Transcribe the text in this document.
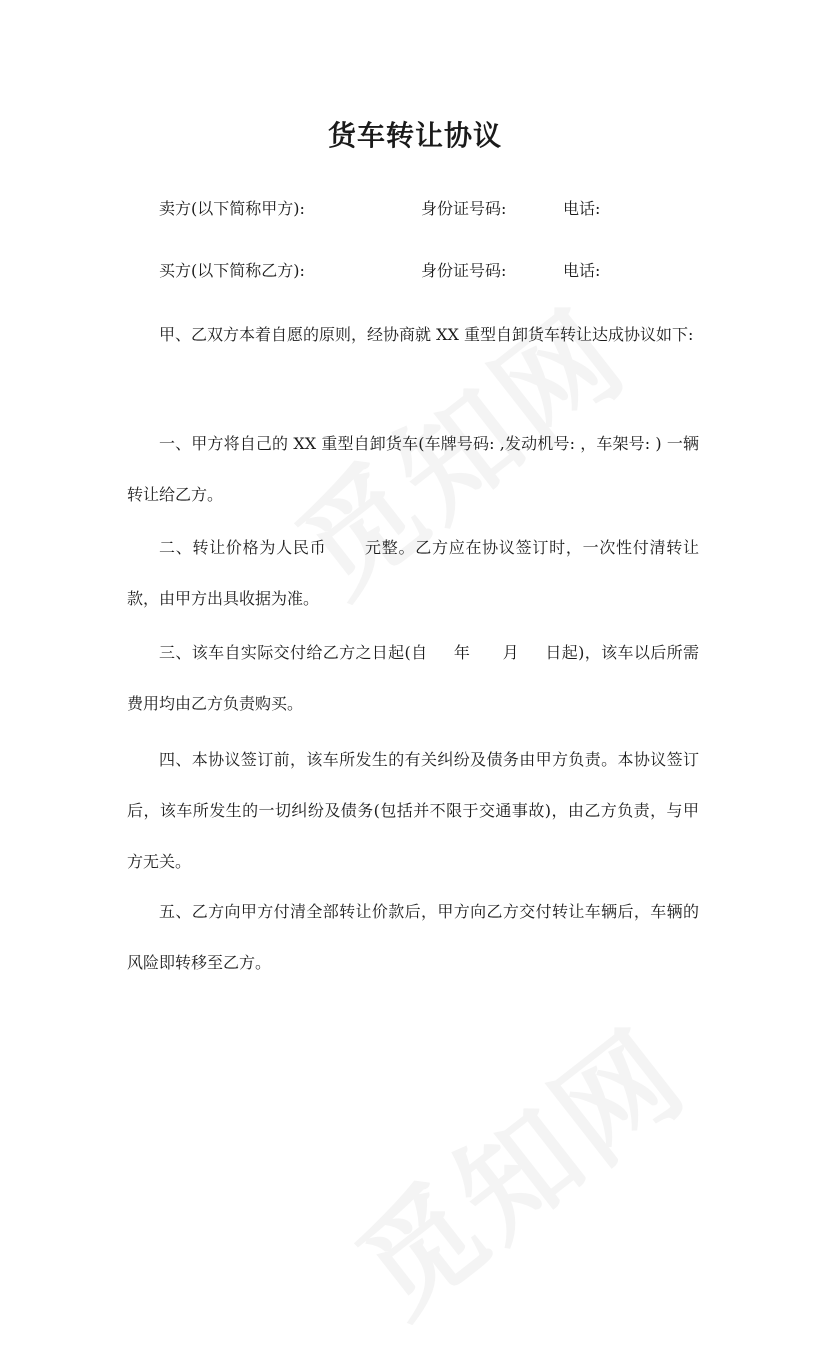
货车转让协议
卖方(以下简称甲方):	身份证号码:	电话:
买方(以下简称乙方):	身份证号码:	电话:
甲、乙双方本着自愿的原则，经协商就 XX 重型自卸货车转让达成协议如下:
一、甲方将自己的 XX 重型自卸货车(车牌号码: ,发动机号: ，车架号: ) 一辆转让给乙方。
二、转让价格为人民币 元整。乙方应在协议签订时，一次性付清转让款，由甲方出具收据为准。
三、该车自实际交付给乙方之日起(自 年 月 日起)，该车以后所需费用均由乙方负责购买。
四、本协议签订前，该车所发生的有关纠纷及债务由甲方负责。本协议签订后，该车所发生的一切纠纷及债务(包括并不限于交通事故)，由乙方负责，与甲方无关。
五、乙方向甲方付清全部转让价款后，甲方向乙方交付转让车辆后，车辆的风险即转移至乙方。
